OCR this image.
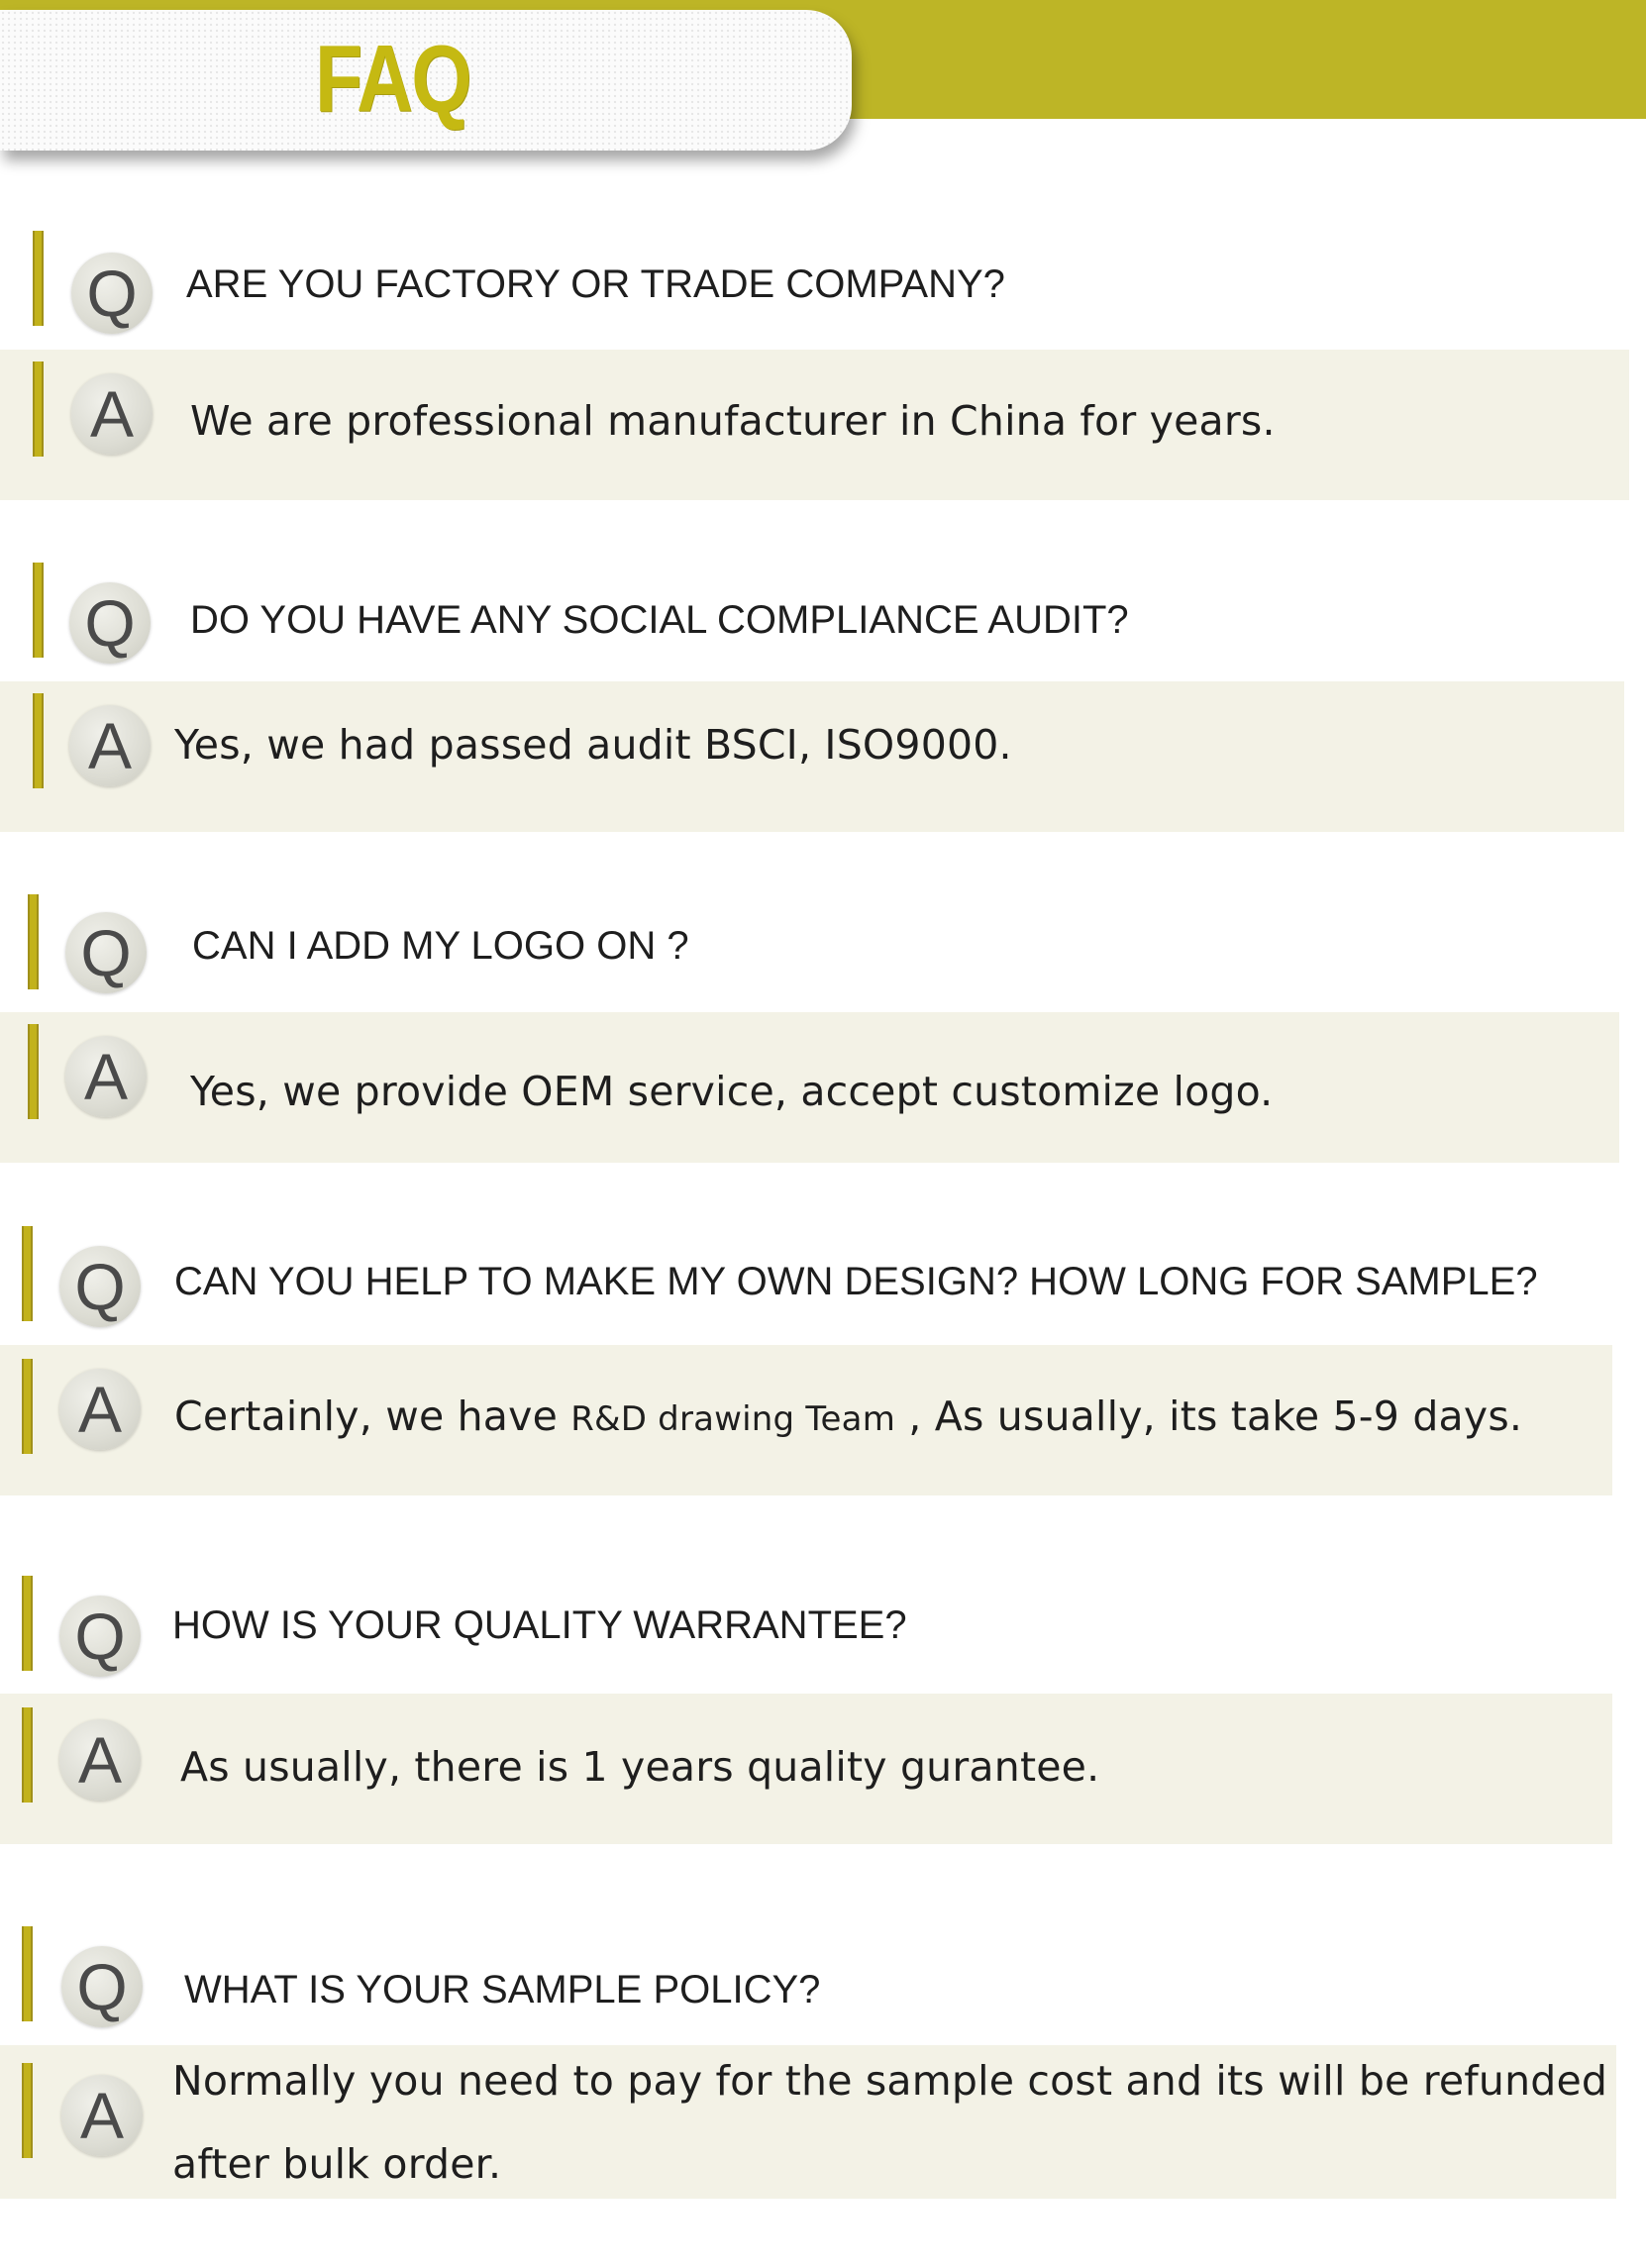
FAQ
Q	ARE YOU FACTORY OR TRADE COMPANY?
A	We are professional manufacturer in China for years.
Q	DO YOU HAVE ANY SOCIAL COMPLIANCE AUDIT?
A	Yes, we had passed audit BSCI, ISO9000.
Q	CAN I ADD MY LOGO ON ?
A	Yes, we provide OEM service, accept customize logo.
Q	CAN YOU HELP TO MAKE MY OWN DESIGN? HOW LONG FOR SAMPLE?
A	Certainly, we have R&D drawing Team , As usually, its take 5-9 days.
Q	HOW IS YOUR QUALITY WARRANTEE?
A	As usually, there is 1 years quality gurantee.
Q	WHAT IS YOUR SAMPLE POLICY?
A	Normally you need to pay for the sample cost and its will be refunded after bulk order.
